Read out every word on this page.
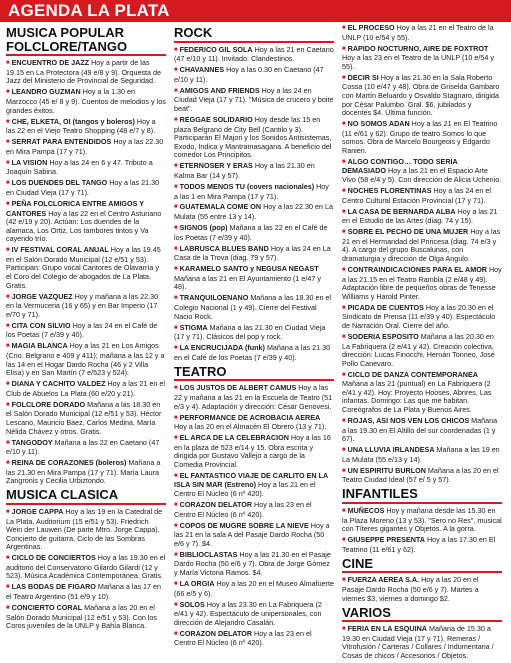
AGENDA LA PLATA
MUSICA POPULAR FOLCLORE/TANGO
■ ENCUENTRO DE JAZZ Hoy a partir de las 19.15 en La Protectora (49 e/8 y 9). Orquesta de Jazz del Ministerio de Provincial de Seguridad.
■ LEANDRO GUZMAN Hoy a la 1.30 en Marzocco (45 e/ 8 y 9). Cuentos de melodios y los grandes éxitos.
■ CHE, ELKETA, OI (tangos y boleros) Hoy a las 22 en el Viejo Teatro Shopping (48 e/7 y 8).
■ SERRAT PARA ENTENDIDOS Hoy a las 22.30 en Mira Pampa (17 y 71).
■ LA VISION Hoy a las 24 en 6 y 47. Tributo a Joaquín Sabina.
■ LOS DUENDES DEL TANGO Hoy a las 21.30 en Ciudad Vieja (17 y 71).
■ PEÑA FOLCLORICA ENTRE AMIGOS Y CANTORES Hoy a las 22 en el Centro Asturiano (42 e/19 y 20). Actúan: Los duendes de la alamaca, Los Ortiz, Los tambores tintos y Va cayendo trío.
■ IV FESTIVAL CORAL ANUAL Hoy a las 19.45 en el Salón Dorado Municipal (12 e/51 y 53). Participan: Grupo vocal Cantores de Olavarría y el Coro del Colegio de abogados de La Plata. Gratis.
■ JORGE VAZQUEZ Hoy y mañana a las 22.30 en la Vermuceria (16 y 65) y en Bar Imperio (17 e/70 y 71).
■ CITA CON SILVIO Hoy a las 24 en el Café de los Poetas (7 e/39 y 40).
■ MAGIA BLANCA Hoy a las 21 en Los Amigos (Cno. Belgrano e 409 y 411); mañana a las 12 y a las 14 en el Hogar Dardo Rocha (46 y 2 Villa Elisa) y en San Martín (7 e/523 y 524).
■ DIANA Y CACHITO VALDEZ Hoy a las 21 en el Club de Abuelos La Plata (60 e/20 y 21).
■ FOLCLORE DORADO Mañana a las 18.30 en el Salón Dorado Municipal (12 e/51 y 53). Héctor Lescano, Mauricio Baez, Carlos Medina, María Nélida Chávez y otros. Gratis.
■ TANGODOY Mañana a las 22 en Caetano (47 e/10 y 11).
■ REINA DE CORAZONES (boleros) Mañana a las 21.30 en Mira Pampa (17 y 71). María Laura Zangronis y Cecilia Urbiztondo.
MUSICA CLASICA
■ JORGE CAPPA Hoy a las 19 en la Catedral de La Plata, Auditorium (15 e/51 y 53). Friedrich Wein der Lauwen (De parte Mtro. Jorge Cappa). Concierto de guitarra, Ciclo de las Sombras Argentinas.
■ CICLO DE CONCIERTOS Hoy a las 19.30 en el auditorio del Conservatorio Gilardo Gilardi (12 y 523). Música Académica Contemporánea. Gratis.
■ LAS BODAS DE FIGARO Mañana a las 17 en el Teatro Argentino (51 e/9 y 10).
■ CONCIERTO CORAL Mañana a las 20 en el Salón Dorado Municipal (12 e/51 y 53). Con los Coros juveniles de la UNLP y Bahía Blanca.
ROCK
■ FEDERICO GIL SOLA Hoy a las 21 en Caetano (47 e/10 y 11). Invitado: Clandestinos.
■ CHAVANNES Hoy a las 0.30 en Caetano (47 e/10 y 11).
■ AMIGOS AND FRIENDS Hoy a las 24 en Ciudad Vieja (17 y 71). "Música de crucero y boite beat".
■ REGGAE SOLIDARIO Hoy desde las 15 en plaza Belgrano de City Bell (Cantilo y 3). Participarán El Majori y los Sonidos Antisistemas, Exodo, Indica y Mantramasagana. A beneficio del comedor Los Principitos.
■ ETERNOSER Y ERAS Hoy a las 21.30 en Kalma Bar (14 y 57).
■ TODOS MENOS TU (covers nacionales) Hoy a las 1 en Mira Pampa (17 y 71).
■ GUATEMALA COME ON Hoy a las 22.30 en La Mulata (55 entre 13 y 14).
■ SIGNOS (pop) Mañana a las 22 en el Café de los Poetas (7 e/39 y 40).
■ LABRUSCA BLUES BAND Hoy a las 24 en La Casa de la Trova (diag. 79 y 57).
■ KARAMELO SANTO y NEGUSA NEGAST Mañana a las 21 en El Ayuntamiento (1 e/47 y 48).
■ TRANQUILOENANO Mañana a las 18.30 en el Colegio Nacional (1 y 49). Cierre del Festival Nacio Rock.
■ STIGMA Mañana a las 21.30 en Ciudad Vieja (17 y 71). Clásicos del pop y rock.
■ LA ENCRUCIJADA (funk) Mañana a las 21.30 en el Café de los Poetas (7 e/39 y 40).
TEATRO
■ LOS JUSTOS DE ALBERT CAMUS Hoy a las 22 y mañana a las 21 en la Escuela de Teatro (51 e/3 y 4). Adaptación y dirección: César Genovesi.
■ PERFORMANCE DE ACROBACIA AEREA Hoy a las 20 en el Almacén El Obrero (13 y 71).
■ EL ARCA DE LA CELEBRACION Hoy a las 16 en la plaza de 523 e/14 y 15. Obra escrita y dirigida por Gustavo Vallejo a cargo de la Comedia Provincial.
■ EL FANTASTICO VIAJE DE CARLITO EN LA ISLA SIN MAR (Estreno) Hoy a las 21 en el Centro El Núcleo (6 nº 420).
■ CORAZON DELATOR Hoy a las 23 en el Centro El Núcleo (6 nº 420).
■ COPOS DE MUGRE SOBRE LA NIEVE Hoy a las 21 en la sala A del Pasaje Dardo Rocha (50 e/6 y 7). $4.
■ BIBLIOCLASTAS Hoy a las 21.30 en el Pasaje Dardo Rocha (50 e/6 y 7). Obra de Jorge Gómez y María Victoria Ramos. $4.
■ LA ORGIA Hoy a las 20 en el Museo Almafuerte (66 e/5 y 6).
■ SOLOS Hoy a las 23.30 en La Fabriquera (2 e/41 y 42). Espectáculo de unipersonales, con dirección de Alejandro Casalán.
■ CORAZON DELATOR Hoy a las 23 en el Centro El Núcleo (6 nº 420).
■ EL PROCESO Hoy a las 21 en el Teatro de la UNLP (10 e/54 y 55).
■ RAPIDO NOCTURNO, AIRE DE FOXTROT Hoy a las 23 en el Teatro de la UNLP (10 e/54 y 55).
■ DECIR SI Hoy a las 21.30 en la Sala Roberto Cossa (10 e/47 y 48). Obra de Griselda Gambaro con Martín Beluardo y Osvaldo Stagnaro, dirigida por César Palumbo. Gral. $6, jubilados y docentes $4. Última función.
■ NO SOMOS ADAN Hoy a las 21 en El Teatrino (11 e/61 y 62). Grupo de teatro Somos lo que somos. Obra de Marcelo Bourgeois y Edgardo Ranieri.
■ ALGO CONTIGO… TODO SERIA DEMASIADO Hoy a las 21 en el Espacio Arte Vivo (58 e/4 y 5). Con dirección de Alicia Uchenio.
■ NOCHES FLORENTINAS Hoy a las 24 en el Centro Cultural Estación Provincial (17 y 71).
■ LA CASA DE BERNARDA ALBA Hoy a las 21 en el Estudio de las Artes (diag. 74 y 15).
■ SOBRE EL PECHO DE UNA MUJER Hoy a las 21 en el Hermandad del Princesa (diag. 74 e/3 y 4). A cargo del grupo Buscalunas, con dramaturgia y dirección de Olga Angulo.
■ CONTRAINDICACIONES PARA EL AMOR Hoy a las 21.15 en el Teatro Rambla (2 e/48 y 49). Adaptación libre de pequeños obras de Tenesse Williams y Harold Pinter.
■ PICADA DE CUENTOS Hoy a las 20.30 en el Sindicato de Prensa (11 e/39 y 40). Espectáculo de Narración Oral. Cierre del año.
■ SODERIA ESPOSITO Mañana a las 20.30 en La Fabriquera (2 e/41 y 42). Creación colectiva, dirección: Lucas Finocchi, Hernán Tonneo, José Pollo Canevaro.
■ CICLO DE DANZA CONTEMPORANEA Mañana a las 21 (puntual) en La Fabriquera (2 e/41 y 42). Hoy: Proyecto Hooses, Abrires, Las infantas. Domingo: Las que me habitan. Coreógrafos de La Plata y Buenos Aires.
■ ROJAS, ASI NOS VEN LOS CHICOS Mañana a las 19.30 en El Altillo del sur coordenadas (1 y 67).
■ UNA LLUVIA IRLANDESA Mañana a las 19 en La Mulata (55 e/13 y 14).
■ UN ESPIRITU BURLON Mañana a las 20 en el Teatro Ciudad Ideal (57 e/ 5 y 57).
INFANTILES
■ MUÑECOS Hoy y mañana desde las 15.30 en la Plaza Moreno (13 y 53). "Sero no Res", musical con Títeres gigantes y Objetos. A la gorra.
■ GIUSEPPE PRESENTA Hoy a las 17.30 en El Teatrino (11 e/61 y 62).
CINE
■ FUERZA AEREA S.A. Hoy a las 20 en el Pasaje Dardo Rocha (50 e/6 y 7). Martes a viernes $3, viernes a domingo $2.
VARIOS
■ FERIA EN LA ESQUINA Mañana de 15.30 a 19.30 en Ciudad Vieja (17 y 71). Remeras / Vitrofusión / Carteras / Collares / Indumentaria / Cosas de chicos / Accesorios / Objetos.
